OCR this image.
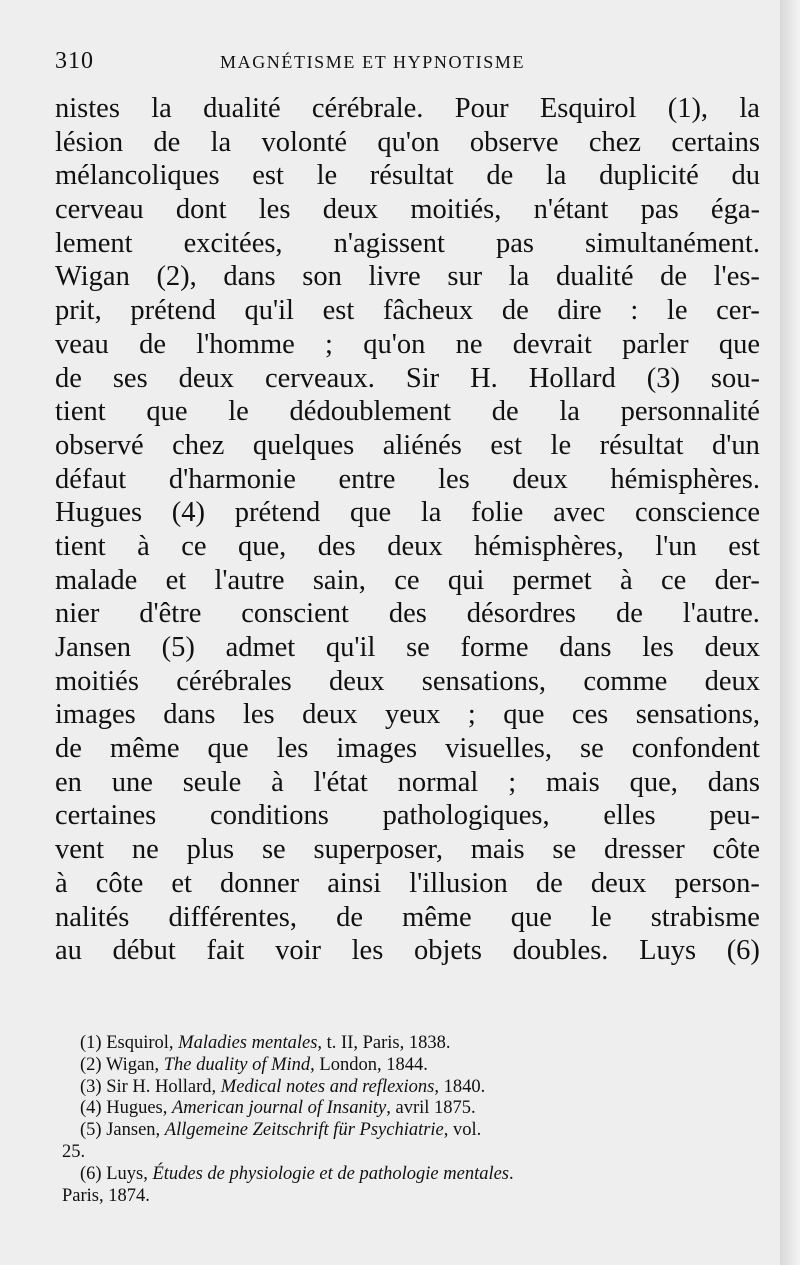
310	MAGNÉTISME ET HYPNOTISME
nistes la dualité cérébrale. Pour Esquirol (1), la
lésion de la volonté qu'on observe chez certains
mélancoliques est le résultat de la duplicité du
cerveau dont les deux moitiés, n'étant pas éga-
lement excitées, n'agissent pas simultanément.
Wigan (2), dans son livre sur la dualité de l'es-
prit, prétend qu'il est fâcheux de dire : le cer-
veau de l'homme ; qu'on ne devrait parler que
de ses deux cerveaux. Sir H. Hollard (3) sou-
tient que le dédoublement de la personnalité
observé chez quelques aliénés est le résultat d'un
défaut d'harmonie entre les deux hémisphères.
Hugues (4) prétend que la folie avec conscience
tient à ce que, des deux hémisphères, l'un est
malade et l'autre sain, ce qui permet à ce der-
nier d'être conscient des désordres de l'autre.
Jansen (5) admet qu'il se forme dans les deux
moitiés cérébrales deux sensations, comme deux
images dans les deux yeux ; que ces sensations,
de même que les images visuelles, se confondent
en une seule à l'état normal ; mais que, dans
certaines conditions pathologiques, elles peu-
vent ne plus se superposer, mais se dresser côte
à côte et donner ainsi l'illusion de deux person-
nalités différentes, de même que le strabisme
au début fait voir les objets doubles. Luys (6)
(1) Esquirol, Maladies mentales, t. II, Paris, 1838.
(2) Wigan, The duality of Mind, London, 1844.
(3) Sir H. Hollard, Medical notes and reflexions, 1840.
(4) Hugues, American journal of Insanity, avril 1875.
(5) Jansen, Allgemeine Zeitschrift für Psychiatrie, vol.
25.
(6) Luys, Études de physiologie et de pathologie mentales.
Paris, 1874.
